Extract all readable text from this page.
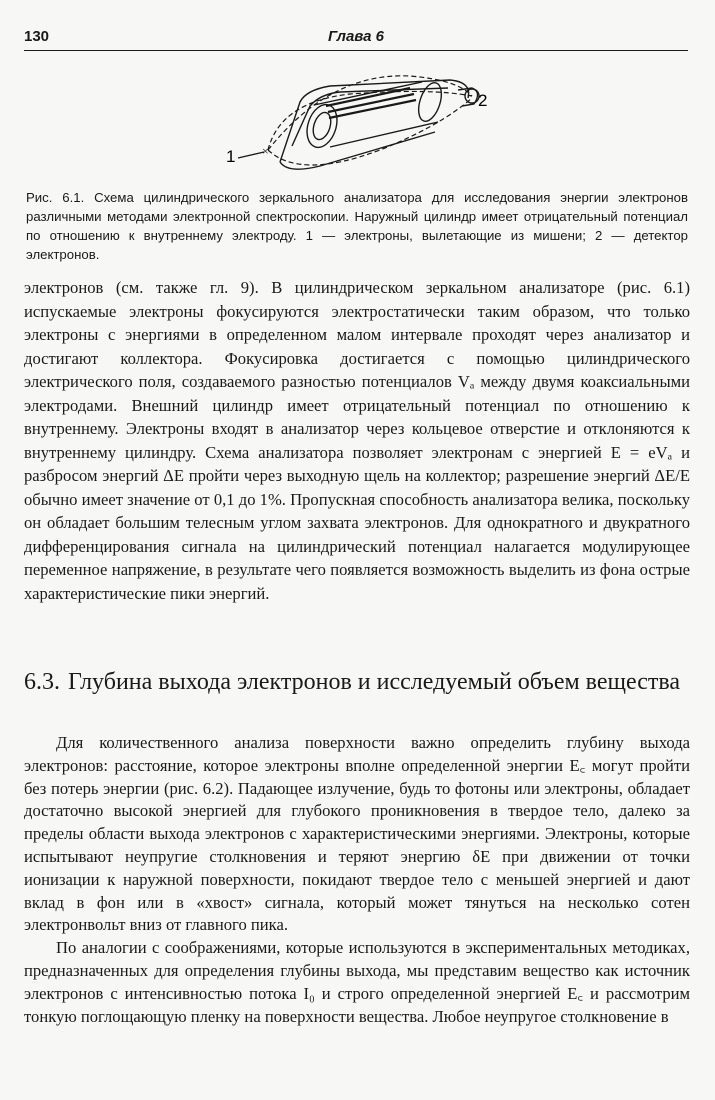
130	Глава 6
1 ×
2
Рис. 6.1. Схема цилиндрического зеркального анализатора для исследования энергии электронов различными методами электронной спектроскопии. Наружный цилиндр имеет отрицательный потенциал по отношению к внутреннему электроду. 1 — электроны, вылетающие из мишени; 2 — детектор электронов.

электронов (см. также гл. 9). В цилиндрическом зеркальном анализаторе (рис. 6.1) испускаемые электроны фокусируются электростатически таким образом, что только электроны с энергиями в определенном малом интервале проходят через анализатор и достигают коллектора. Фокусировка достигается с помощью цилиндрического электрического поля, создаваемого разностью потенциалов Vₐ между двумя коаксиальными электродами. Внешний цилиндр имеет отрицательный потенциал по отношению к внутреннему. Электроны входят в анализатор через кольцевое отверстие и отклоняются к внутреннему цилиндру. Схема анализатора позволяет электронам с энергией E = eVₐ и разбросом энергий ΔE пройти через выходную щель на коллектор; разрешение энергий ΔE/E обычно имеет значение от 0,1 до 1%. Пропускная способность анализатора велика, поскольку он обладает большим телесным углом захвата электронов. Для однократного и двукратного дифференцирования сигнала на цилиндрический потенциал налагается модулирующее переменное напряжение, в результате чего появляется возможность выделить из фона острые характеристические пики энергий.

6.3. Глубина выхода электронов и исследуемый объем вещества

Для количественного анализа поверхности важно определить глубину выхода электронов: расстояние, которое электроны вполне определенной энергии E꜀ могут пройти без потерь энергии (рис. 6.2). Падающее излучение, будь то фотоны или электроны, обладает достаточно высокой энергией для глубокого проникновения в твердое тело, далеко за пределы области выхода электронов с характеристическими энергиями. Электроны, которые испытывают неупругие столкновения и теряют энергию δE при движении от точки ионизации к наружной поверхности, покидают твердое тело с меньшей энергией и дают вклад в фон или в «хвост» сигнала, который может тянуться на несколько сотен электронвольт вниз от главного пика.

По аналогии с соображениями, которые используются в экспериментальных методиках, предназначенных для определения глубины выхода, мы представим вещество как источник электронов с интенсивностью потока I₀ и строго определенной энергией E꜀ и рассмотрим тонкую поглощающую пленку на поверхности вещества. Любое неупругое столкновение в
